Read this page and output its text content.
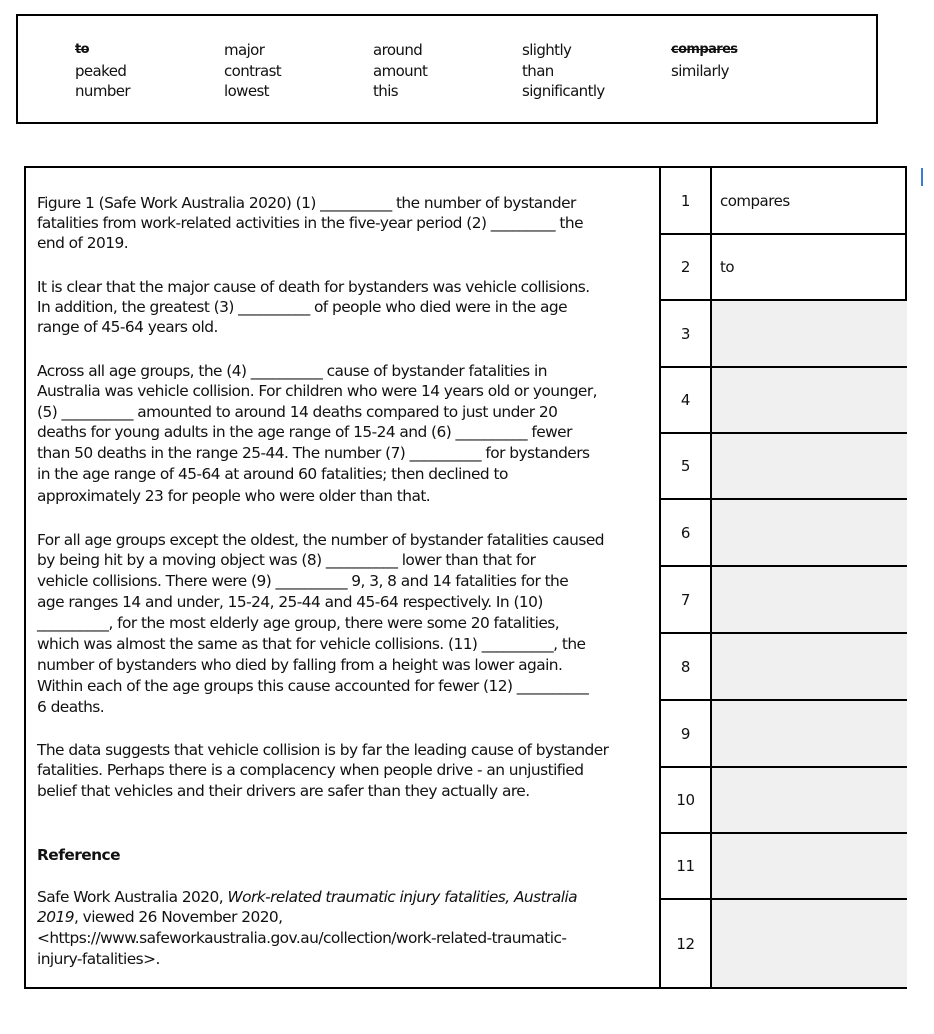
to
peaked
number
major
contrast
lowest
around
amount
this
slightly
than
significantly
compares
similarly
Figure 1 (Safe Work Australia 2020) (1) __________ the number of bystander
fatalities from work-related activities in the five-year period (2) _________ the
end of 2019.
It is clear that the major cause of death for bystanders was vehicle collisions.
In addition, the greatest (3) __________ of people who died were in the age
range of 45-64 years old.
Across all age groups, the (4) __________ cause of bystander fatalities in
Australia was vehicle collision. For children who were 14 years old or younger,
(5) __________ amounted to around 14 deaths compared to just under 20
deaths for young adults in the age range of 15-24 and (6) __________ fewer
than 50 deaths in the range 25-44. The number (7) __________ for bystanders
in the age range of 45-64 at around 60 fatalities; then declined to
approximately 23 for people who were older than that.
For all age groups except the oldest, the number of bystander fatalities caused
by being hit by a moving object was (8) __________ lower than that for
vehicle collisions. There were (9) __________ 9, 3, 8 and 14 fatalities for the
age ranges 14 and under, 15-24, 25-44 and 45-64 respectively. In (10)
__________, for the most elderly age group, there were some 20 fatalities,
which was almost the same as that for vehicle collisions. (11) __________, the
number of bystanders who died by falling from a height was lower again.
Within each of the age groups this cause accounted for fewer (12) __________
6 deaths.
The data suggests that vehicle collision is by far the leading cause of bystander
fatalities. Perhaps there is a complacency when people drive - an unjustified
belief that vehicles and their drivers are safer than they actually are.
Reference
Safe Work Australia 2020, Work-related traumatic injury fatalities, Australia
2019, viewed 26 November 2020,
<https://www.safeworkaustralia.gov.au/collection/work-related-traumatic-
injury-fatalities>.
1	compares
2	to
3
4
5
6
7
8
9
10
11
12
